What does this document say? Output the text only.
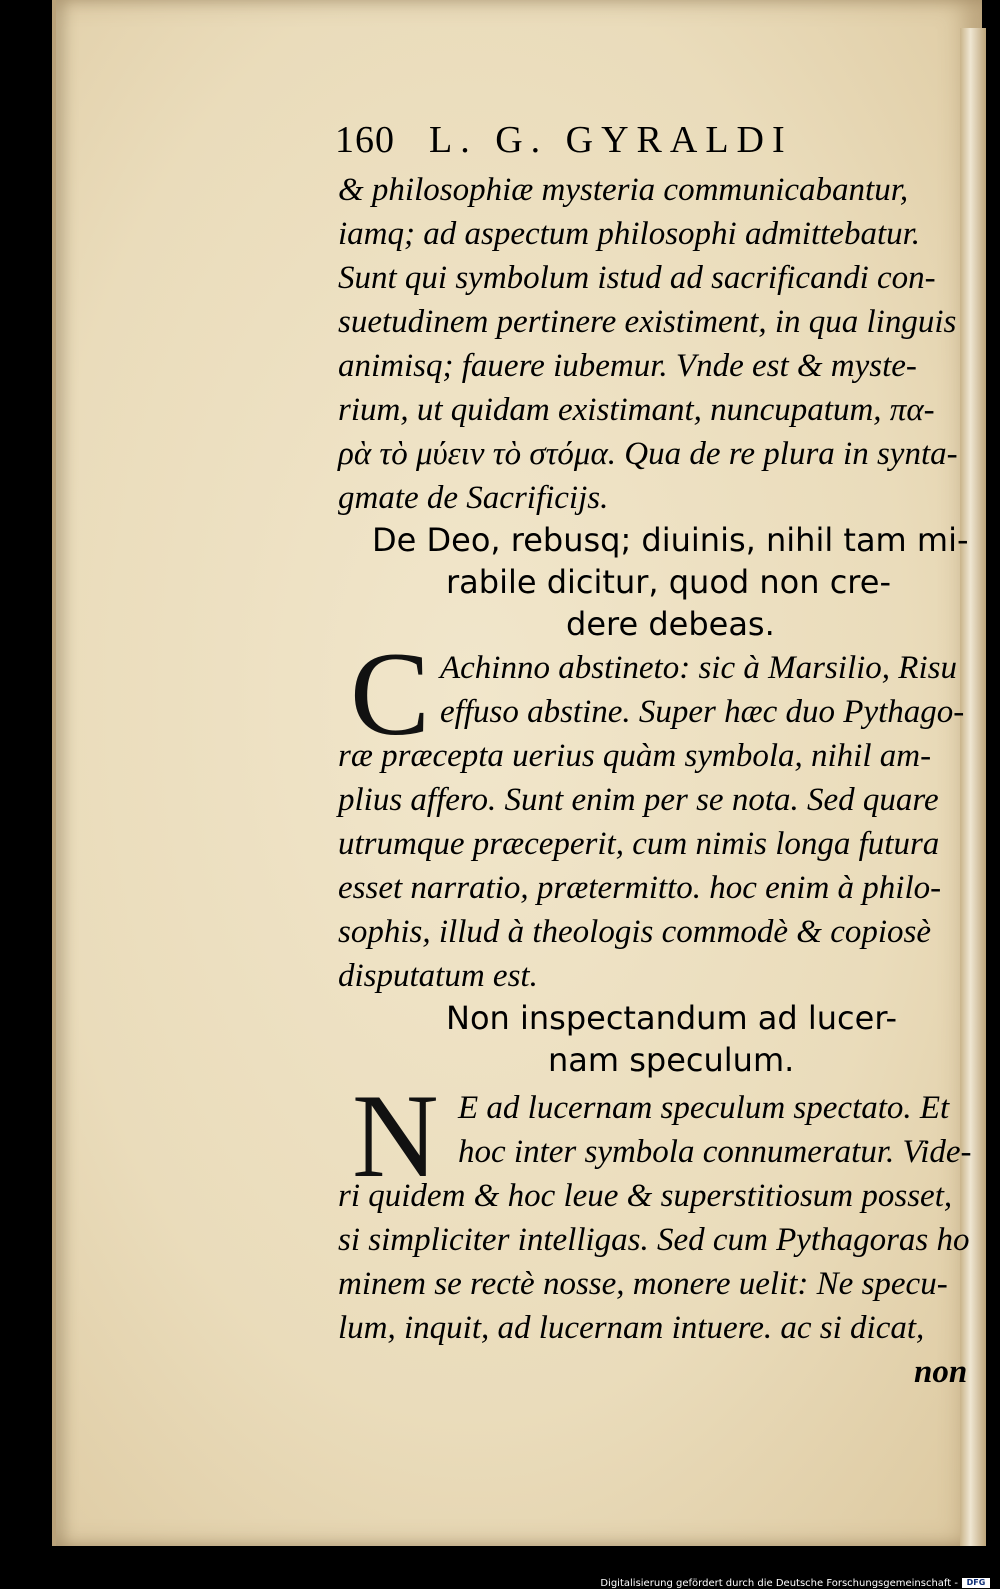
160 L. G. GYRALDI
& philosophiæ mysteria communicabantur,
iamq; ad aspectum philosophi admittebatur.
Sunt qui symbolum istud ad sacrificandi con-
suetudinem pertinere existiment, in qua linguis
animisq; fauere iubemur. Vnde est & myste-
rium, ut quidam existimant, nuncupatum, πα-
ρὰ τὸ μύειν τὸ στόμα. Qua de re plura in synta-
gmate de Sacrificijs.
De Deo, rebusq; diuinis, nihil tam mi-
rabile dicitur, quod non cre-
dere debeas.
C Achinno abstineto: sic à Marsilio, Risu
effuso abstine. Super hæc duo Pythago-
ræ præcepta uerius quàm symbola, nihil am-
plius affero. Sunt enim per se nota. Sed quare
utrumque præceperit, cum nimis longa futura
esset narratio, prætermitto. hoc enim à philo-
sophis, illud à theologis commodè & copiosè
disputatum est.
Non inspectandum ad lucer-
nam speculum.
N E ad lucernam speculum spectato. Et
hoc inter symbola connumeratur. Vide-
ri quidem & hoc leue & superstitiosum posset,
si simpliciter intelligas. Sed cum Pythagoras ho
minem se rectè nosse, monere uelit: Ne specu-
lum, inquit, ad lucernam intuere. ac si dicat,
non
Digitalisierung gefördert durch die Deutsche Forschungsgemeinschaft -	DFG
